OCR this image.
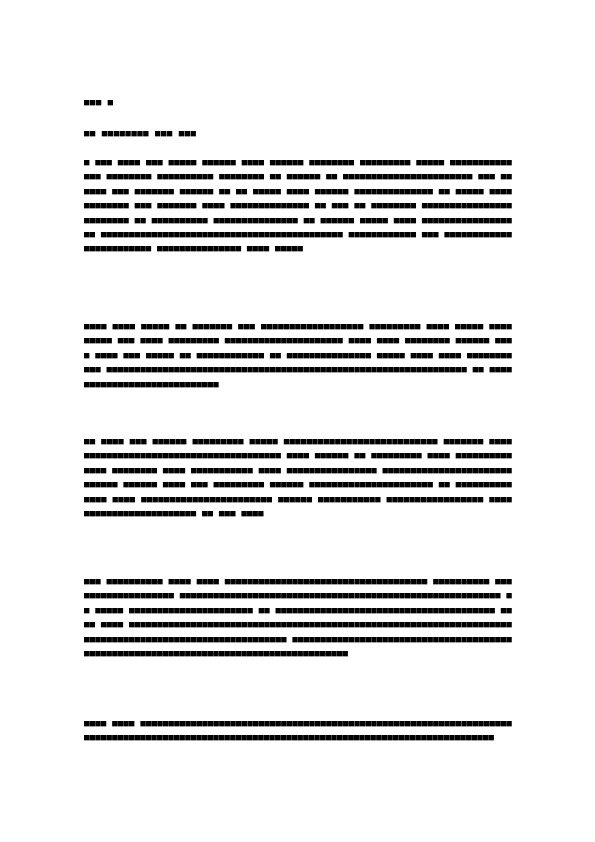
■■■ ■
■■ ■■■■■■■■ ■■■ ■■■
■ ■■■ ■■■■ ■■■ ■■■■■ ■■■■■■ ■■■■ ■■■■■■ ■■■■■■■■ ■■■■■■■■■ ■■■■■ ■■■■■■■■■■■■■■ ■■■■■■■■ ■■■■■■■■■■ ■■■■■■■■ ■■ ■■■■■■ ■■ ■■■■■■■■■■■■■■■■■■■■■■■ ■■■ ■■■■■■ ■■■ ■■■■■■■ ■■■■■■ ■■ ■■ ■■■■■ ■■■■ ■■■■■■ ■■■■■■■■■■■■■■ ■■ ■■■■■ ■■■■■■■■■■■■ ■■■ ■■■■■■■ ■■■■ ■■■■■■■■■■■■■■ ■■ ■■■ ■■ ■■■■■■■■ ■■■■■■■■■■■■■■■■■■■■■■■■ ■■ ■■■■■■■■■■ ■■■■■■■■■■■■■■■ ■■ ■■■■■■ ■■■■■ ■■■■ ■■■■■■■■■■■■■■■■■■ ■■■■■■■■■■■■■■■■■■■■■■■■■■■■■■■■■■■■■■■■■■■ ■■■■■■■■■■■■ ■■■ ■■■■■■■■■■■■■■■■■■■■■■■■ ■■■■■■■■■■■■■■■ ■■■■ ■■■■■
■■■■ ■■■■ ■■■■■ ■■ ■■■■■■■ ■■■ ■■■■■■■■■■■■■■■■■■ ■■■■■■■■■ ■■■■ ■■■■■ ■■■■ ■■■■■ ■■■ ■■■■ ■■■■■■■■■ ■■■■■■■■■■■■■■■■■■■■■ ■■■■ ■■■■ ■■■■■■■■ ■■■■■■ ■■■■ ■■■■ ■■■ ■■■■■ ■■ ■■■■■■■■■■■■ ■■ ■■■■■■■■■■■■■■■ ■■■■■ ■■■■ ■■■■ ■■■■■■■■■■■ ■■■■■■■■■■■■■■■■■■■■■■■■■■■■■■■■■■■■■■■■■■■■■■■■■■■■■■■■■■■■■■■■ ■■ ■■■■■■■■■■■■■■■■■■■■■■■■■■■■
■■ ■■■■ ■■■ ■■■■■■ ■■■■■■■■■ ■■■■■ ■■■■■■■■■■■■■■■■■■■■■■■■■■■ ■■■■■■■ ■■■■ ■■■■■■■■■■■■■■■■■■■■■■■■■■■■■■■■■■■ ■■■■ ■■■■■■ ■■ ■■■■■■■■■ ■■■■ ■■■■■■■■■■■■■■ ■■■■■■■■ ■■■■ ■■■■■■■■■■■ ■■■■ ■■■■■■■■■■■■■■■■ ■■■■■■■■■■■■■■■■■■■■■■■■■■■■■ ■■■■■■ ■■■■ ■■■ ■■■■■■■■■ ■■■■■■ ■■■■■■■■■■■■■■■■■■■■■■ ■■ ■■■■■■■■■■■■■■ ■■■■ ■■■■■■■■■■■■■■■■■■■■■■■ ■■■■■■ ■■■■■■■■■■■ ■■■■■■■■■■■■■■■■■ ■■■■ ■■■■■■■■■■■■■■■■■■■■ ■■ ■■■ ■■■■
■■■ ■■■■■■■■■■ ■■■■ ■■■■ ■■■■■■■■■■■■■■■■■■■■■■■■■■■■■■■■■■■■ ■■■■■■■■■■ ■■■■■■■■■■■■■■■■■■■ ■■■■■■■■■■■■■■■■■■■■■■■■■■■■■■■■■■■■■■■■■■■■■■■■■■■■■■■■■ ■■ ■■■■■ ■■■■■■■■■■■■■■■■■■■■■■ ■■ ■■■■■■■■■■■■■■■■■■■■■■■■■■■■■■■■■■■■■■■ ■■■■ ■■■■ ■■■■■■■■■■■■■■■■■■■■■■■■■■■■■■■■■■■■■■■■■■■■■■■■■■■■■■■■■■■■■■■■■■■■■■■■■■■■■■■■■■■■■■■■■■■■■■■■■■■■■■■■ ■■■■■■■■■■■■■■■■■■■■■■■■■■■■■■■■■■■■■■■■■■■■■■■■■■■■■■■■■■■■■■■■■■■■■■■■■■■■■■■■■■■■■■
■■■■ ■■■■ ■■■■■■■■■■■■■■■■■■■■■■■■■■■■■■■■■■■■■■■■■■■■■■■■■■■■■■■■■■■■■■■■■■ ■■■■■■■■■■■■■■■■■■■■■■■■■■■■■■■■■■■■■■■■■■■■■■■■■■■■■■■■■■■■■■■■■■■■■■■■■
